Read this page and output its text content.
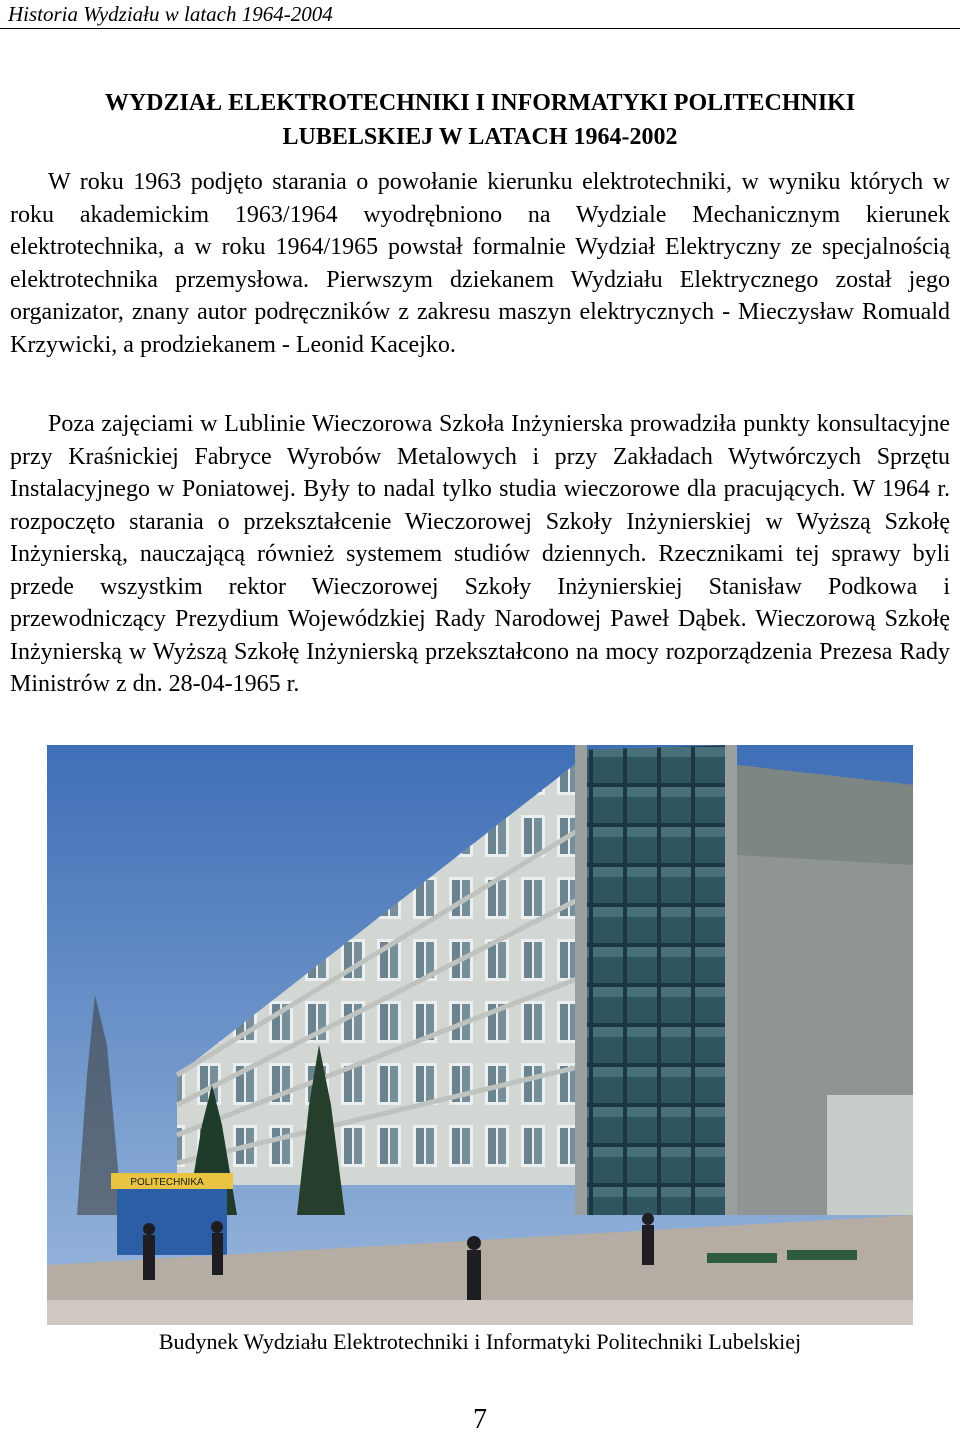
Historia Wydziału w latach 1964-2004
WYDZIAŁ ELEKTROTECHNIKI I INFORMATYKI POLITECHNIKI
LUBELSKIEJ W LATACH 1964-2002

W roku 1963 podjęto starania o powołanie kierunku elektrotechniki, w wyniku których w roku akademickim 1963/1964 wyodrębniono na Wydziale Mechanicznym kierunek elektrotechnika, a w roku 1964/1965 powstał formalnie Wydział Elektryczny ze specjalnością elektrotechnika przemysłowa. Pierwszym dziekanem Wydziału Elektrycznego został jego organizator, znany autor podręczników z zakresu maszyn elektrycznych - Mieczysław Romuald Krzywicki, a prodziekanem - Leonid Kacejko.

Poza zajęciami w Lublinie Wieczorowa Szkoła Inżynierska prowadziła punkty konsultacyjne przy Kraśnickiej Fabryce Wyrobów Metalowych i przy Zakładach Wytwórczych Sprzętu Instalacyjnego w Poniatowej. Były to nadal tylko studia wieczorowe dla pracujących. W 1964 r. rozpoczęto starania o przekształcenie Wieczorowej Szkoły Inżynierskiej w Wyższą Szkołę Inżynierską, nauczającą również systemem studiów dziennych. Rzecznikami tej sprawy byli przede wszystkim rektor Wieczorowej Szkoły Inżynierskiej Stanisław Podkowa i przewodniczący Prezydium Wojewódzkiej Rady Narodowej Paweł Dąbek. Wieczorową Szkołę Inżynierską w Wyższą Szkołę Inżynierską przekształcono na mocy rozporządzenia Prezesa Rady Ministrów z dn. 28-04-1965 r.

POLITECHNIKA
Budynek Wydziału Elektrotechniki i Informatyki Politechniki Lubelskiej
7
